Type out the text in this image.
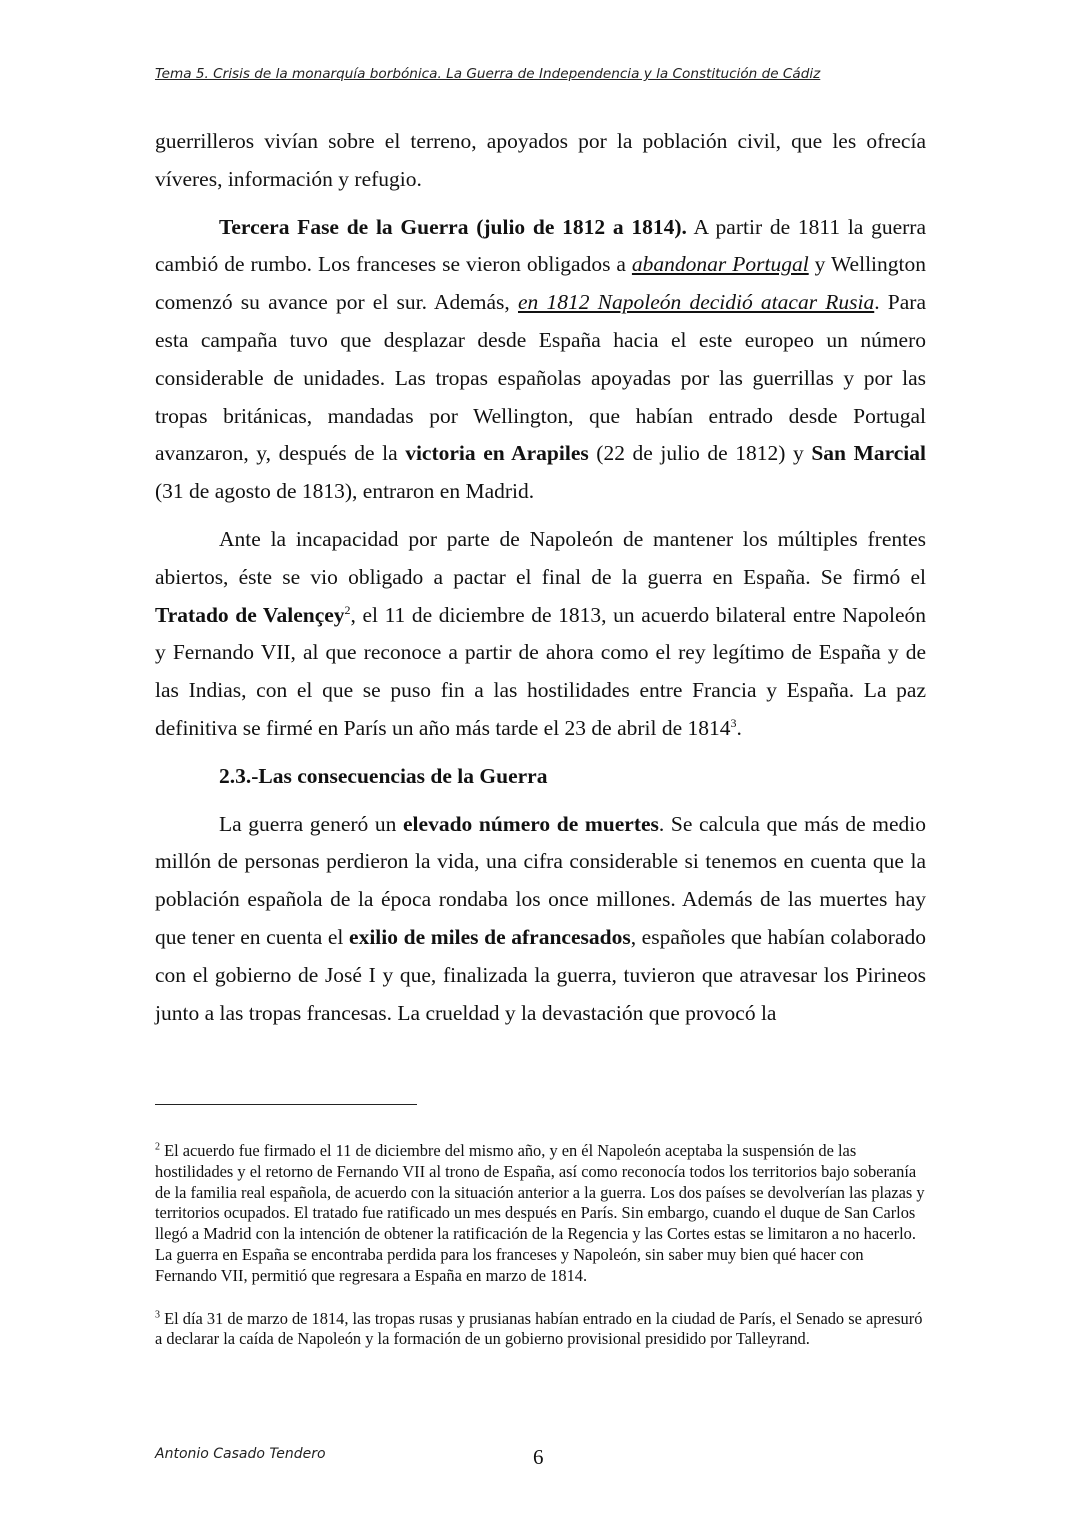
Tema 5. Crisis de la monarquía borbónica. La Guerra de Independencia y la Constitución de Cádiz

guerrilleros vivían sobre el terreno, apoyados por la población civil, que les ofrecía víveres, información y refugio.

Tercera Fase de la Guerra (julio de 1812 a 1814). A partir de 1811 la guerra cambió de rumbo. Los franceses se vieron obligados a abandonar Portugal y Wellington comenzó su avance por el sur. Además, en 1812 Napoleón decidió atacar Rusia. Para esta campaña tuvo que desplazar desde España hacia el este europeo un número considerable de unidades. Las tropas españolas apoyadas por las guerrillas y por las tropas británicas, mandadas por Wellington, que habían entrado desde Portugal avanzaron, y, después de la victoria en Arapiles (22 de julio de 1812) y San Marcial (31 de agosto de 1813), entraron en Madrid.

Ante la incapacidad por parte de Napoleón de mantener los múltiples frentes abiertos, éste se vio obligado a pactar el final de la guerra en España. Se firmó el Tratado de Valençey$^2$, el 11 de diciembre de 1813, un acuerdo bilateral entre Napoleón y Fernando VII, al que reconoce a partir de ahora como el rey legítimo de España y de las Indias, con el que se puso fin a las hostilidades entre Francia y España. La paz definitiva se firmé en París un año más tarde el 23 de abril de 1814$^3$.

2.3.-Las consecuencias de la Guerra

La guerra generó un elevado número de muertes. Se calcula que más de medio millón de personas perdieron la vida, una cifra considerable si tenemos en cuenta que la población española de la época rondaba los once millones. Además de las muertes hay que tener en cuenta el exilio de miles de afrancesados, españoles que habían colaborado con el gobierno de José I y que, finalizada la guerra, tuvieron que atravesar los Pirineos junto a las tropas francesas. La crueldad y la devastación que provocó la

$^2$ El acuerdo fue firmado el 11 de diciembre del mismo año, y en él Napoleón aceptaba la suspensión de las hostilidades y el retorno de Fernando VII al trono de España, así como reconocía todos los territorios bajo soberanía de la familia real española, de acuerdo con la situación anterior a la guerra. Los dos países se devolverían las plazas y territorios ocupados. El tratado fue ratificado un mes después en París. Sin embargo, cuando el duque de San Carlos llegó a Madrid con la intención de obtener la ratificación de la Regencia y las Cortes estas se limitaron a no hacerlo. La guerra en España se encontraba perdida para los franceses y Napoleón, sin saber muy bien qué hacer con Fernando VII, permitió que regresara a España en marzo de 1814.

$^3$ El día 31 de marzo de 1814, las tropas rusas y prusianas habían entrado en la ciudad de París, el Senado se apresuró a declarar la caída de Napoleón y la formación de un gobierno provisional presidido por Talleyrand.

Antonio Casado Tendero	6
